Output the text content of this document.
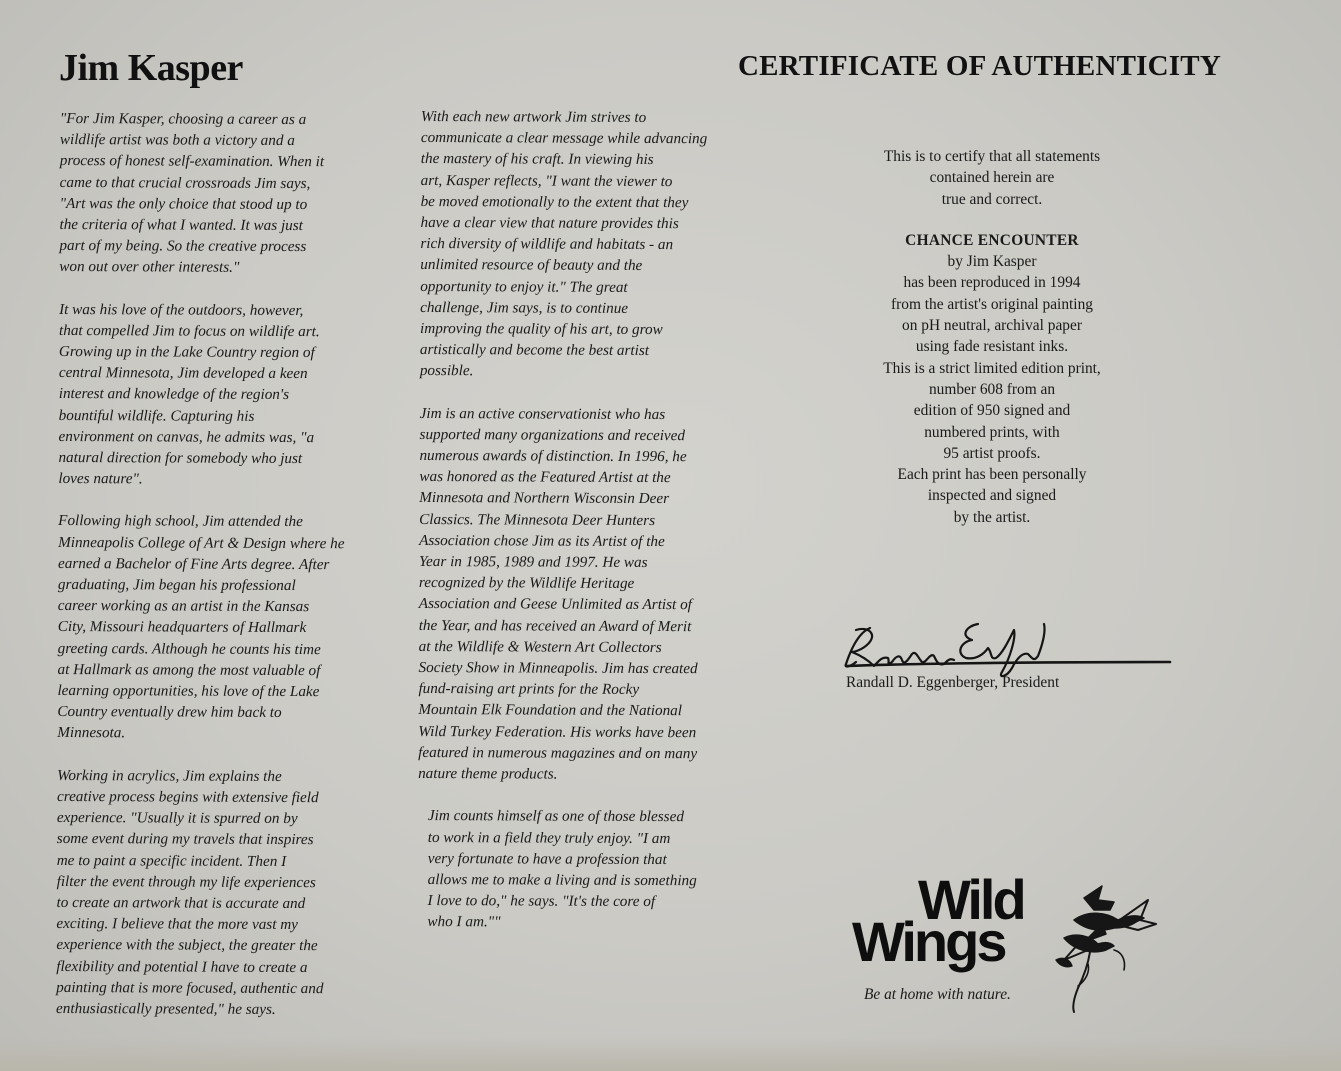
Jim Kasper	CERTIFICATE OF AUTHENTICITY

"For Jim Kasper, choosing a career as a
wildlife artist was both a victory and a
process of honest self-examination. When it
came to that crucial crossroads Jim says,
"Art was the only choice that stood up to
the criteria of what I wanted. It was just
part of my being. So the creative process
won out over other interests."

It was his love of the outdoors, however,
that compelled Jim to focus on wildlife art.
Growing up in the Lake Country region of
central Minnesota, Jim developed a keen
interest and knowledge of the region's
bountiful wildlife. Capturing his
environment on canvas, he admits was, "a
natural direction for somebody who just
loves nature".

Following high school, Jim attended the
Minneapolis College of Art & Design where he
earned a Bachelor of Fine Arts degree. After
graduating, Jim began his professional
career working as an artist in the Kansas
City, Missouri headquarters of Hallmark
greeting cards. Although he counts his time
at Hallmark as among the most valuable of
learning opportunities, his love of the Lake
Country eventually drew him back to
Minnesota.

Working in acrylics, Jim explains the
creative process begins with extensive field
experience. "Usually it is spurred on by
some event during my travels that inspires
me to paint a specific incident. Then I
filter the event through my life experiences
to create an artwork that is accurate and
exciting. I believe that the more vast my
experience with the subject, the greater the
flexibility and potential I have to create a
painting that is more focused, authentic and
enthusiastically presented," he says.

With each new artwork Jim strives to
communicate a clear message while advancing
the mastery of his craft. In viewing his
art, Kasper reflects, "I want the viewer to
be moved emotionally to the extent that they
have a clear view that nature provides this
rich diversity of wildlife and habitats - an
unlimited resource of beauty and the
opportunity to enjoy it." The great
challenge, Jim says, is to continue
improving the quality of his art, to grow
artistically and become the best artist
possible.

Jim is an active conservationist who has
supported many organizations and received
numerous awards of distinction. In 1996, he
was honored as the Featured Artist at the
Minnesota and Northern Wisconsin Deer
Classics. The Minnesota Deer Hunters
Association chose Jim as its Artist of the
Year in 1985, 1989 and 1997. He was
recognized by the Wildlife Heritage
Association and Geese Unlimited as Artist of
the Year, and has received an Award of Merit
at the Wildlife & Western Art Collectors
Society Show in Minneapolis. Jim has created
fund-raising art prints for the Rocky
Mountain Elk Foundation and the National
Wild Turkey Federation. His works have been
featured in numerous magazines and on many
nature theme products.

Jim counts himself as one of those blessed
to work in a field they truly enjoy. "I am
very fortunate to have a profession that
allows me to make a living and is something
I love to do," he says. "It's the core of
who I am.""

This is to certify that all statements
contained herein are
true and correct.

CHANCE ENCOUNTER

by Jim Kasper
has been reproduced in 1994
from the artist's original painting
on pH neutral, archival paper
using fade resistant inks.
This is a strict limited edition print,
number 608 from an
edition of 950 signed and
numbered prints, with
95 artist proofs.
Each print has been personally
inspected and signed
by the artist.

Randall D. Eggenberger, President
Wild
Wings
Be at home with nature.
